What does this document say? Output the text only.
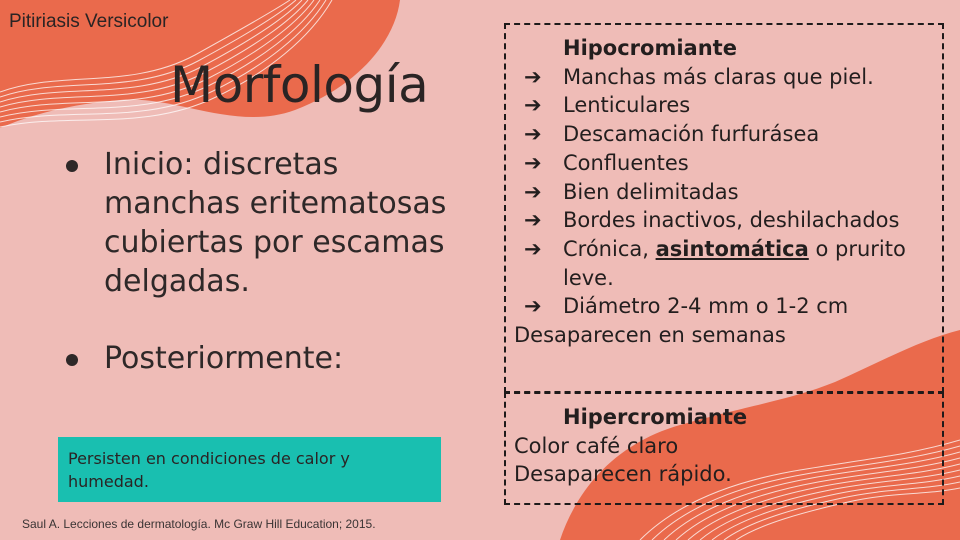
Pitiriasis Versicolor
Morfología
Inicio: discretas manchas eritematosas cubiertas por escamas delgadas.
Posteriormente:
Persisten en condiciones de calor y humedad.
Saul A. Lecciones de dermatología. Mc Graw Hill Education; 2015.
Hipocromiante
➔ Manchas más claras que piel.
➔ Lenticulares
➔ Descamación furfurásea
➔ Confluentes
➔ Bien delimitadas
➔ Bordes inactivos, deshilachados
➔ Crónica, asintomática o prurito leve.
➔ Diámetro 2-4 mm o 1-2 cm
Desaparecen en semanas
Hipercromiante
Color café claro
Desaparecen rápido.
